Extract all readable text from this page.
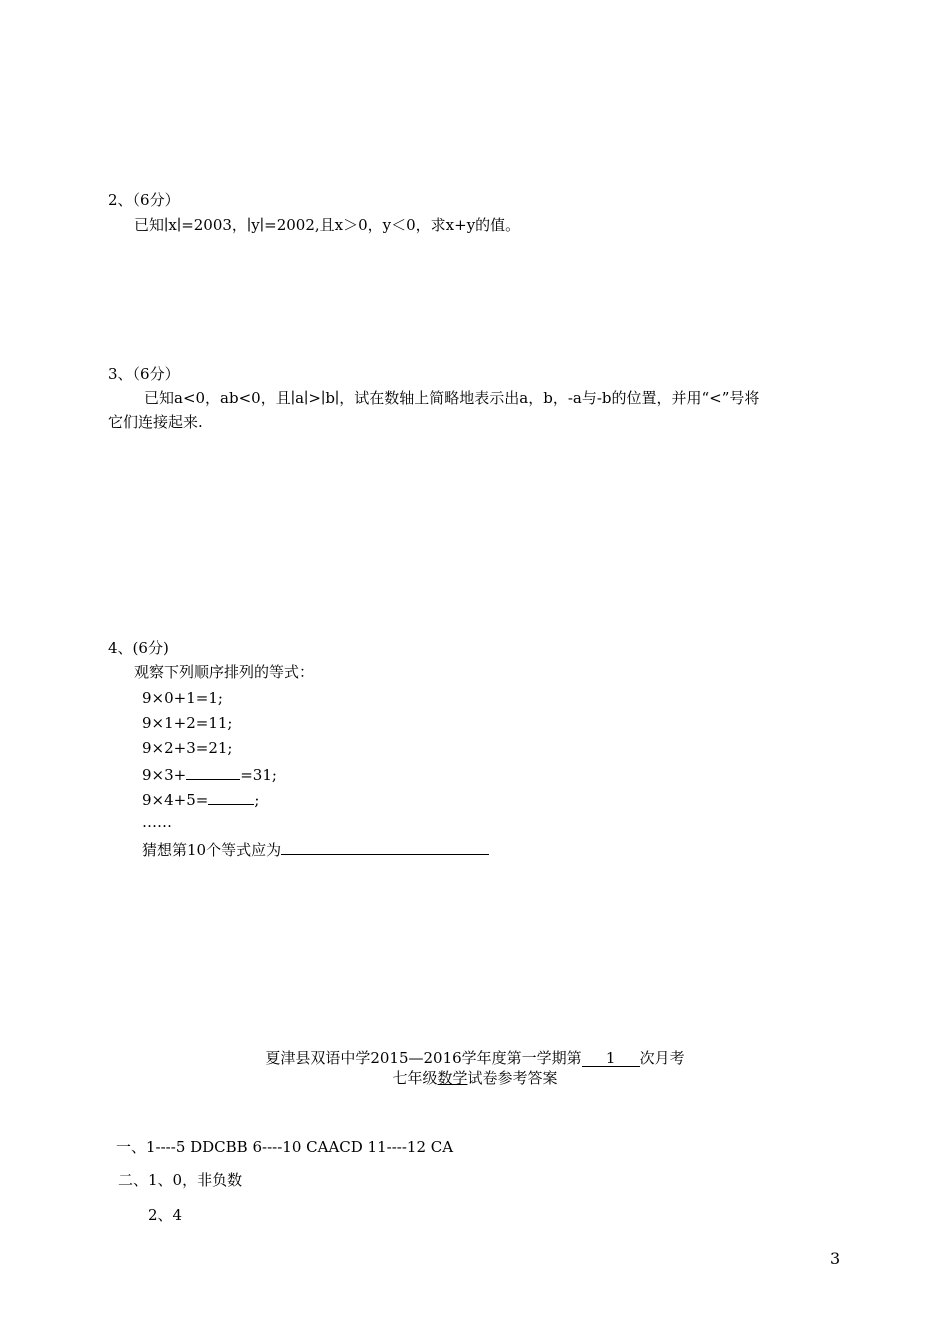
2、（6分）
已知∣x∣=2003，∣y∣=2002,且x＞0，y＜0，求x+y的值。
3、（6分）
已知a<0，ab<0，且∣a∣>∣b∣，试在数轴上简略地表示出a，b，-a与-b的位置，并用“<”号将
它们连接起来.
4、(6分)
观察下列顺序排列的等式：
9×0+1=1;
9×1+2=11;
9×2+3=21;
9×3+	=31;
9×4+5=	;
……
猜想第10个等式应为
夏津县双语中学2015—2016学年度第一学期第 1 次月考
七年级数学试卷参考答案
一、1----5 DDCBB 6----10 CAACD 11----12 CA
二、1、0，非负数
2、4
3
